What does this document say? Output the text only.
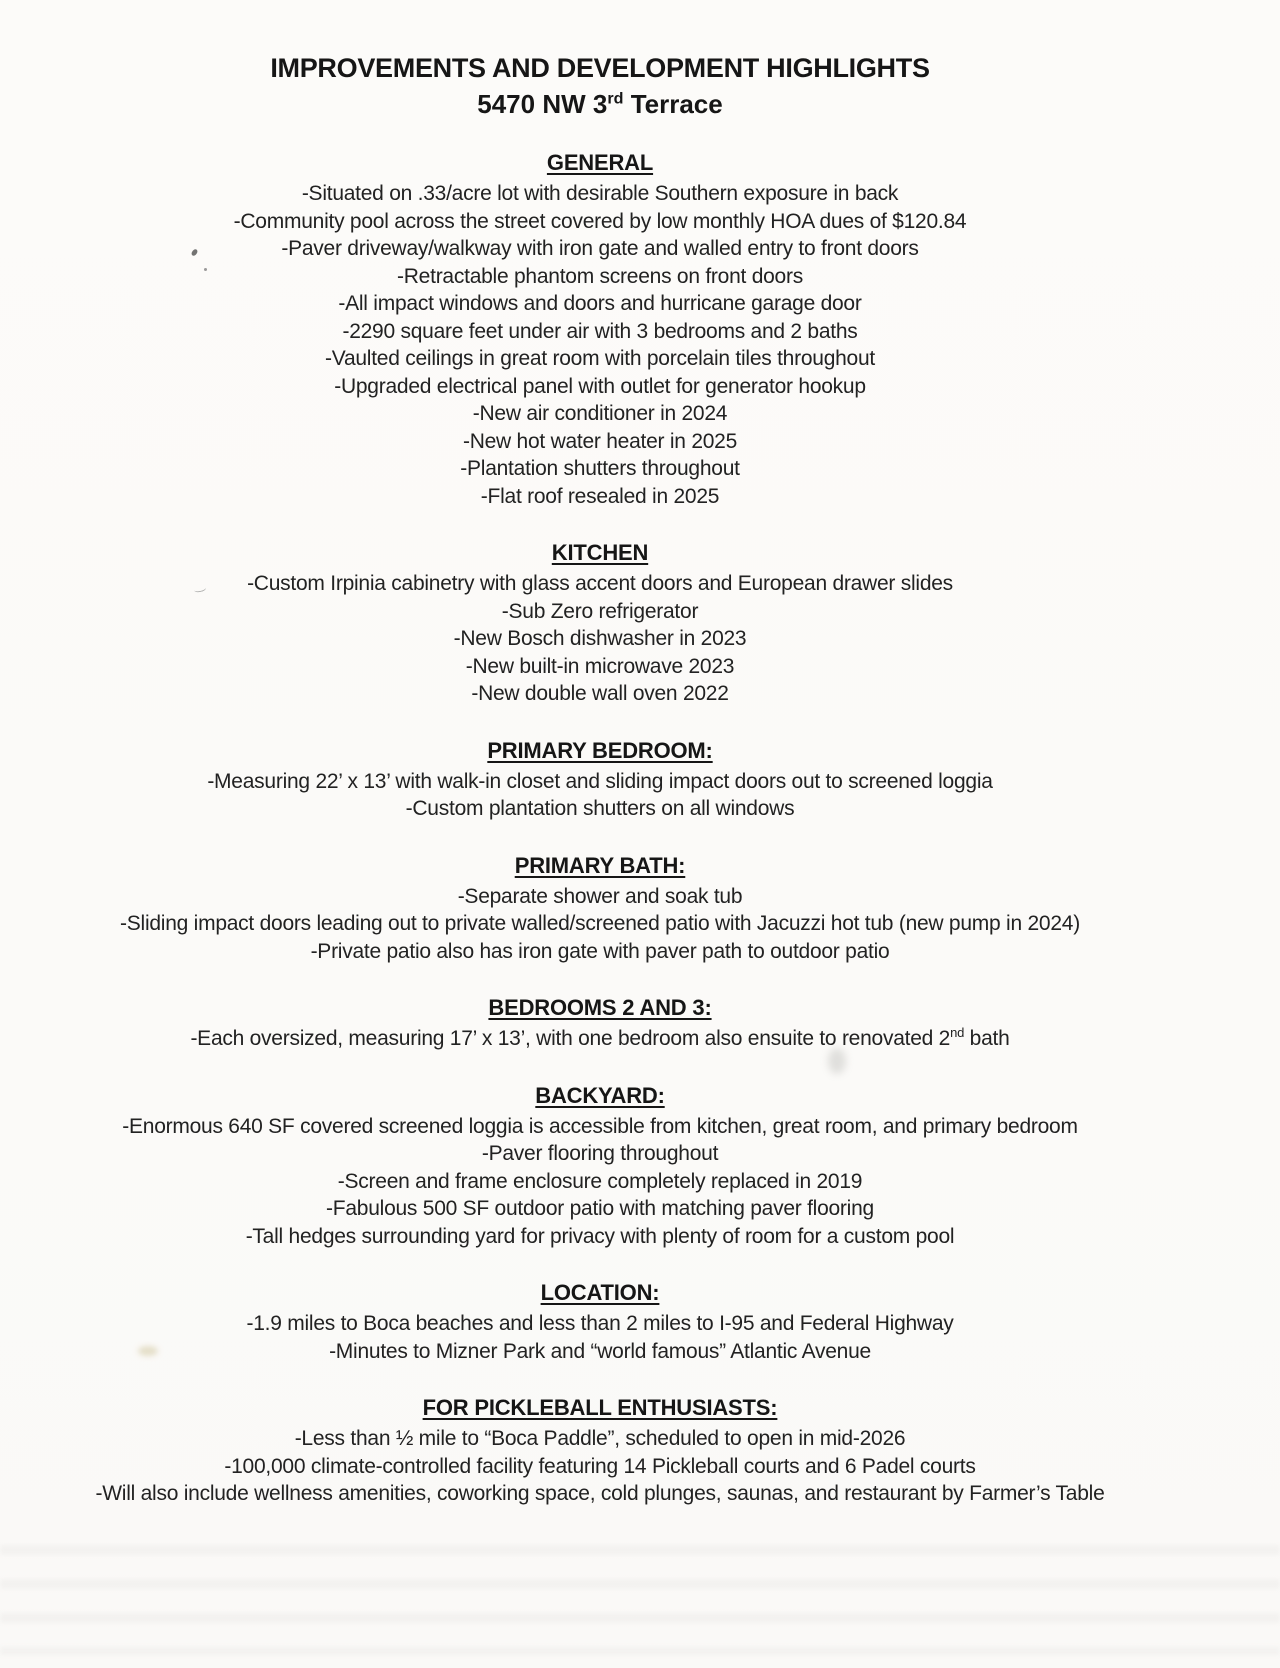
IMPROVEMENTS AND DEVELOPMENT HIGHLIGHTS
5470 NW 3rd Terrace
GENERAL

-Situated on .33/acre lot with desirable Southern exposure in back

-Community pool across the street covered by low monthly HOA dues of $120.84

-Paver driveway/walkway with iron gate and walled entry to front doors

-Retractable phantom screens on front doors

-All impact windows and doors and hurricane garage door

-2290 square feet under air with 3 bedrooms and 2 baths

-Vaulted ceilings in great room with porcelain tiles throughout

-Upgraded electrical panel with outlet for generator hookup

-New air conditioner in 2024

-New hot water heater in 2025

-Plantation shutters throughout

-Flat roof resealed in 2025

KITCHEN

-Custom Irpinia cabinetry with glass accent doors and European drawer slides

-Sub Zero refrigerator

-New Bosch dishwasher in 2023

-New built-in microwave 2023

-New double wall oven 2022

PRIMARY BEDROOM:

-Measuring 22’ x 13’ with walk-in closet and sliding impact doors out to screened loggia

-Custom plantation shutters on all windows

PRIMARY BATH:

-Separate shower and soak tub

-Sliding impact doors leading out to private walled/screened patio with Jacuzzi hot tub (new pump in 2024)

-Private patio also has iron gate with paver path to outdoor patio

BEDROOMS 2 AND 3:

-Each oversized, measuring 17’ x 13’, with one bedroom also ensuite to renovated 2nd bath

BACKYARD:

-Enormous 640 SF covered screened loggia is accessible from kitchen, great room, and primary bedroom

-Paver flooring throughout

-Screen and frame enclosure completely replaced in 2019

-Fabulous 500 SF outdoor patio with matching paver flooring

-Tall hedges surrounding yard for privacy with plenty of room for a custom pool

LOCATION:

-1.9 miles to Boca beaches and less than 2 miles to I-95 and Federal Highway

-Minutes to Mizner Park and “world famous” Atlantic Avenue

FOR PICKLEBALL ENTHUSIASTS:

-Less than ½ mile to “Boca Paddle”, scheduled to open in mid-2026

-100,000 climate-controlled facility featuring 14 Pickleball courts and 6 Padel courts

-Will also include wellness amenities, coworking space, cold plunges, saunas, and restaurant by Farmer’s Table
